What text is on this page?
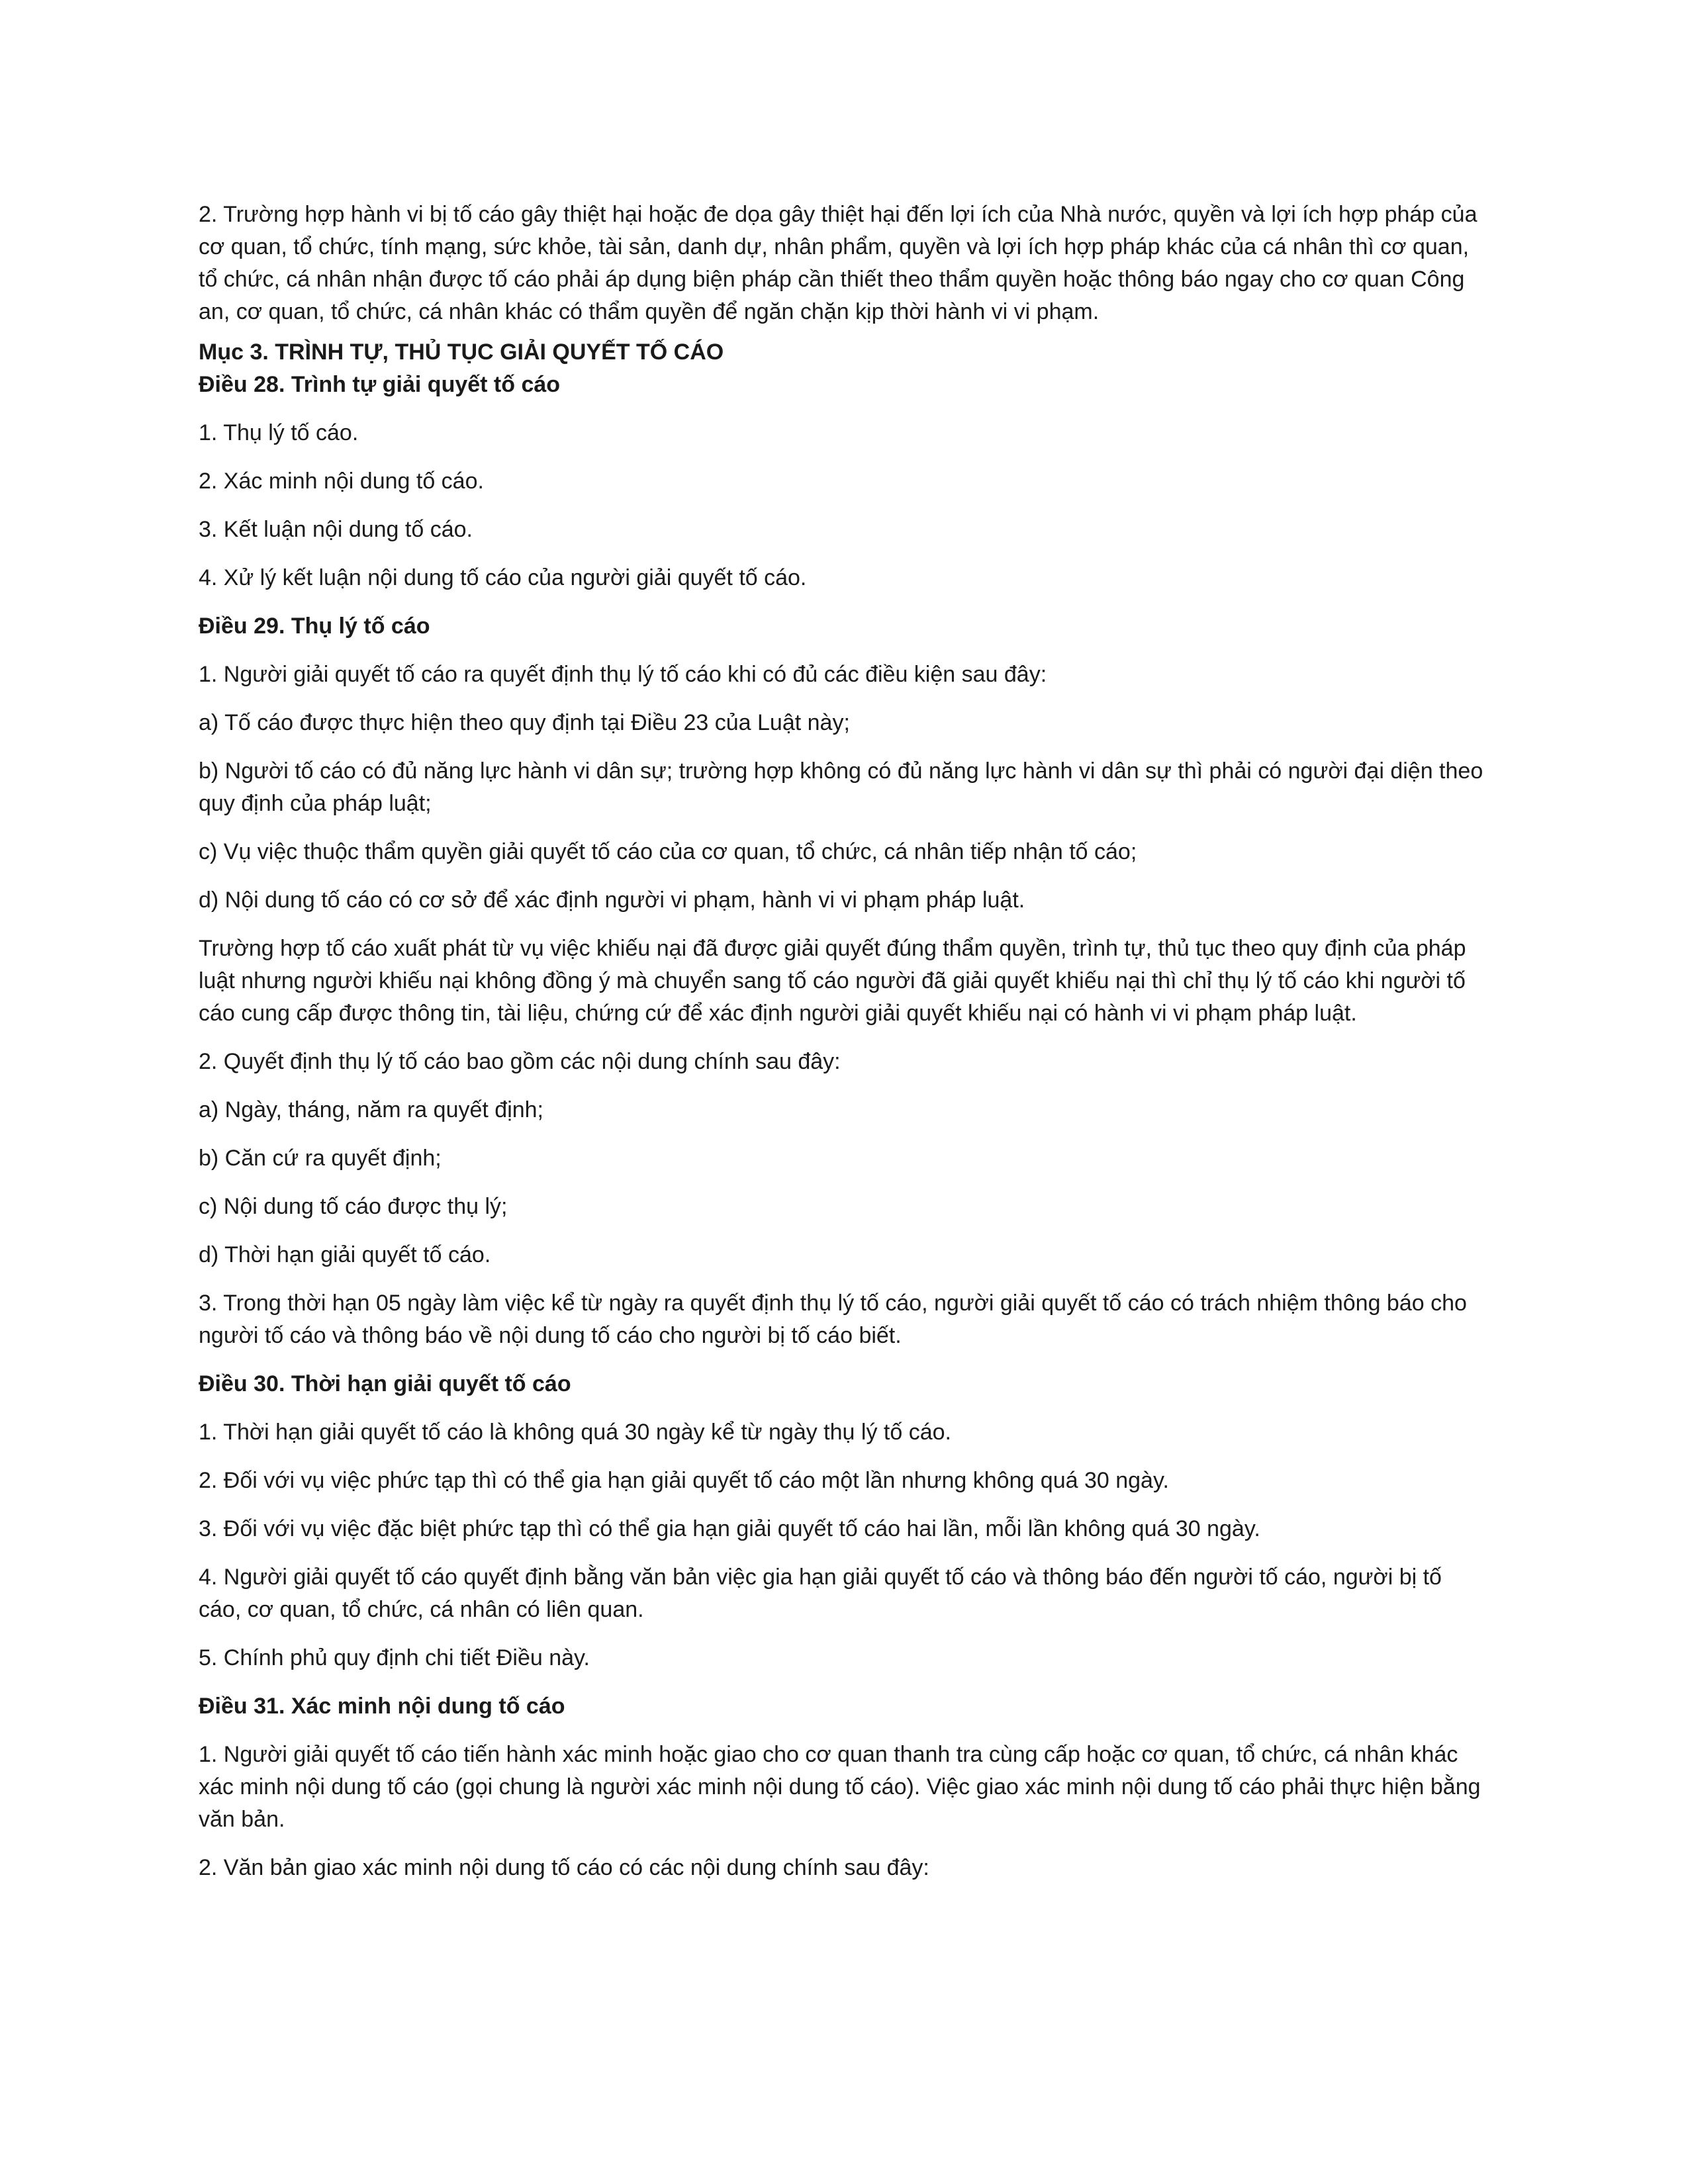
2. Trường hợp hành vi bị tố cáo gây thiệt hại hoặc đe dọa gây thiệt hại đến lợi ích của Nhà nước, quyền và lợi ích hợp pháp của cơ quan, tổ chức, tính mạng, sức khỏe, tài sản, danh dự, nhân phẩm, quyền và lợi ích hợp pháp khác của cá nhân thì cơ quan, tổ chức, cá nhân nhận được tố cáo phải áp dụng biện pháp cần thiết theo thẩm quyền hoặc thông báo ngay cho cơ quan Công an, cơ quan, tổ chức, cá nhân khác có thẩm quyền để ngăn chặn kịp thời hành vi vi phạm.

Mục 3. TRÌNH TỰ, THỦ TỤC GIẢI QUYẾT TỐ CÁO

Điều 28. Trình tự giải quyết tố cáo

1. Thụ lý tố cáo.

2. Xác minh nội dung tố cáo.

3. Kết luận nội dung tố cáo.

4. Xử lý kết luận nội dung tố cáo của người giải quyết tố cáo.

Điều 29. Thụ lý tố cáo

1. Người giải quyết tố cáo ra quyết định thụ lý tố cáo khi có đủ các điều kiện sau đây:

a) Tố cáo được thực hiện theo quy định tại Điều 23 của Luật này;

b) Người tố cáo có đủ năng lực hành vi dân sự; trường hợp không có đủ năng lực hành vi dân sự thì phải có người đại diện theo quy định của pháp luật;

c) Vụ việc thuộc thẩm quyền giải quyết tố cáo của cơ quan, tổ chức, cá nhân tiếp nhận tố cáo;

d) Nội dung tố cáo có cơ sở để xác định người vi phạm, hành vi vi phạm pháp luật.

Trường hợp tố cáo xuất phát từ vụ việc khiếu nại đã được giải quyết đúng thẩm quyền, trình tự, thủ tục theo quy định của pháp luật nhưng người khiếu nại không đồng ý mà chuyển sang tố cáo người đã giải quyết khiếu nại thì chỉ thụ lý tố cáo khi người tố cáo cung cấp được thông tin, tài liệu, chứng cứ để xác định người giải quyết khiếu nại có hành vi vi phạm pháp luật.

2. Quyết định thụ lý tố cáo bao gồm các nội dung chính sau đây:

a) Ngày, tháng, năm ra quyết định;

b) Căn cứ ra quyết định;

c) Nội dung tố cáo được thụ lý;

d) Thời hạn giải quyết tố cáo.

3. Trong thời hạn 05 ngày làm việc kể từ ngày ra quyết định thụ lý tố cáo, người giải quyết tố cáo có trách nhiệm thông báo cho người tố cáo và thông báo về nội dung tố cáo cho người bị tố cáo biết.

Điều 30. Thời hạn giải quyết tố cáo

1. Thời hạn giải quyết tố cáo là không quá 30 ngày kể từ ngày thụ lý tố cáo.

2. Đối với vụ việc phức tạp thì có thể gia hạn giải quyết tố cáo một lần nhưng không quá 30 ngày.

3. Đối với vụ việc đặc biệt phức tạp thì có thể gia hạn giải quyết tố cáo hai lần, mỗi lần không quá 30 ngày.

4. Người giải quyết tố cáo quyết định bằng văn bản việc gia hạn giải quyết tố cáo và thông báo đến người tố cáo, người bị tố cáo, cơ quan, tổ chức, cá nhân có liên quan.

5. Chính phủ quy định chi tiết Điều này.

Điều 31. Xác minh nội dung tố cáo

1. Người giải quyết tố cáo tiến hành xác minh hoặc giao cho cơ quan thanh tra cùng cấp hoặc cơ quan, tổ chức, cá nhân khác xác minh nội dung tố cáo (gọi chung là người xác minh nội dung tố cáo). Việc giao xác minh nội dung tố cáo phải thực hiện bằng văn bản.

2. Văn bản giao xác minh nội dung tố cáo có các nội dung chính sau đây:
